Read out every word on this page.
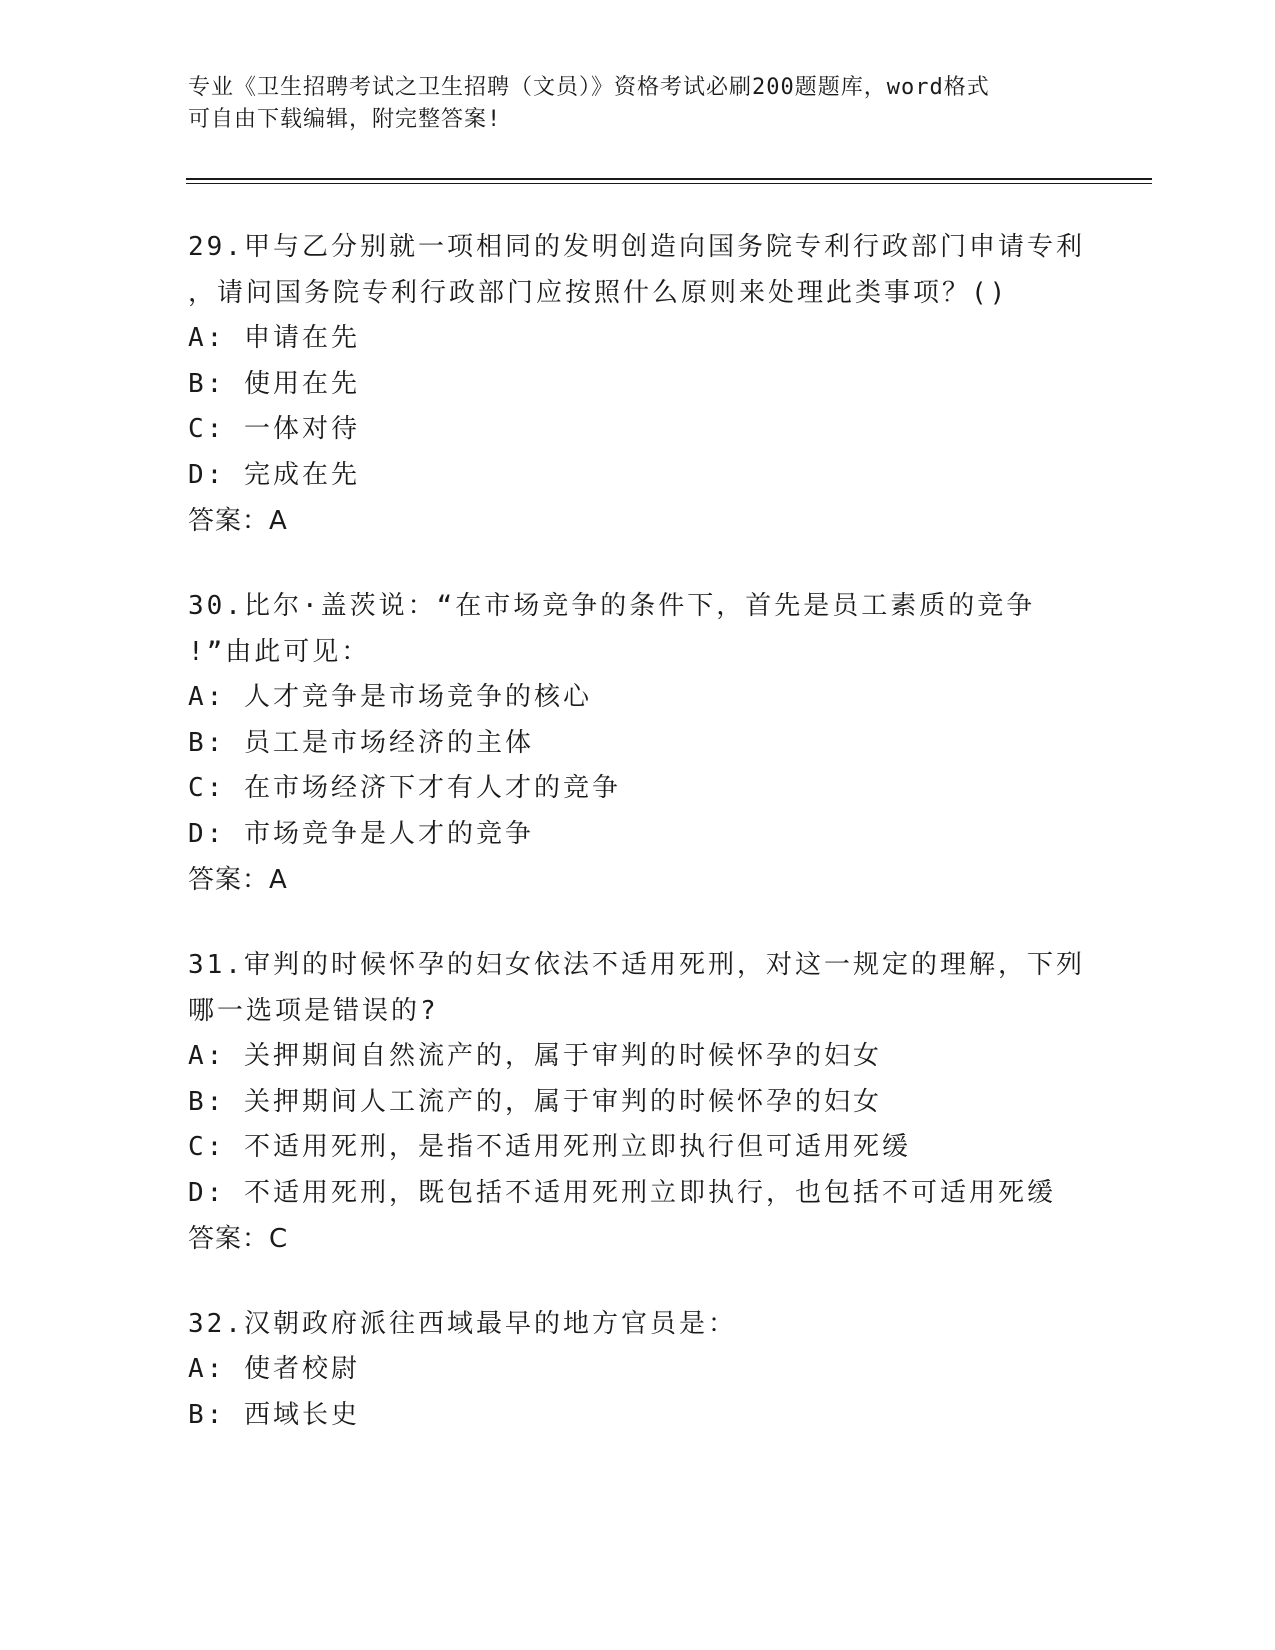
专业《卫生招聘考试之卫生招聘（文员）》资格考试必刷200题题库，word格式
可自由下载编辑，附完整答案!
29.甲与乙分别就一项相同的发明创造向国务院专利行政部门申请专利
，请问国务院专利行政部门应按照什么原则来处理此类事项？()
A: 申请在先
B: 使用在先
C: 一体对待
D: 完成在先
答案：A
30.比尔·盖茨说：“在市场竞争的条件下，首先是员工素质的竞争
!”由此可见：
A: 人才竞争是市场竞争的核心
B: 员工是市场经济的主体
C: 在市场经济下才有人才的竞争
D: 市场竞争是人才的竞争
答案：A
31.审判的时候怀孕的妇女依法不适用死刑，对这一规定的理解，下列
哪一选项是错误的?
A: 关押期间自然流产的，属于审判的时候怀孕的妇女
B: 关押期间人工流产的，属于审判的时候怀孕的妇女
C: 不适用死刑，是指不适用死刑立即执行但可适用死缓
D: 不适用死刑，既包括不适用死刑立即执行，也包括不可适用死缓
答案：C
32.汉朝政府派往西域最早的地方官员是：
A: 使者校尉
B: 西域长史
